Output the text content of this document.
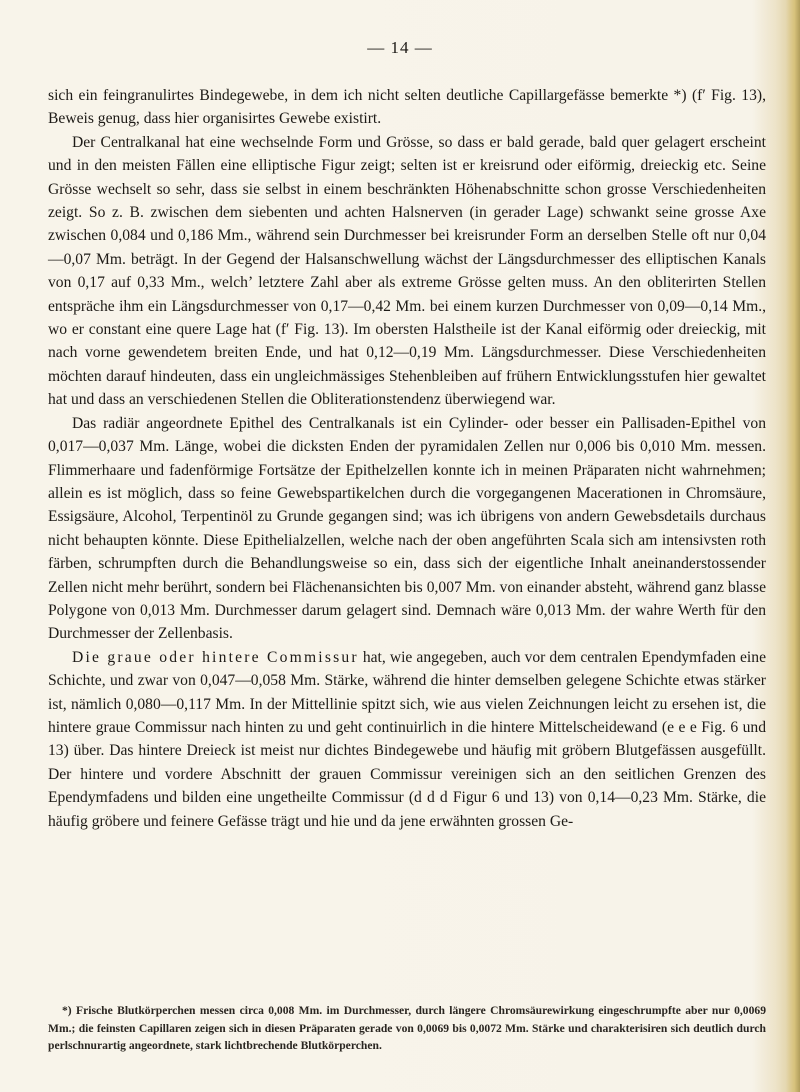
— 14 —

sich ein feingranulirtes Bindegewebe, in dem ich nicht selten deutliche Capillargefässe bemerkte *) (f′ Fig. 13), Beweis genug, dass hier organisirtes Gewebe existirt.

Der Centralkanal hat eine wechselnde Form und Grösse, so dass er bald gerade, bald quer gelagert erscheint und in den meisten Fällen eine elliptische Figur zeigt; selten ist er kreisrund oder eiförmig, dreieckig etc. Seine Grösse wechselt so sehr, dass sie selbst in einem beschränkten Höhenabschnitte schon grosse Verschiedenheiten zeigt. So z. B. zwischen dem siebenten und achten Halsnerven (in gerader Lage) schwankt seine grosse Axe zwischen 0,084 und 0,186 Mm., während sein Durchmesser bei kreisrunder Form an derselben Stelle oft nur 0,04—0,07 Mm. beträgt. In der Gegend der Halsanschwellung wächst der Längsdurchmesser des elliptischen Kanals von 0,17 auf 0,33 Mm., welch’ letztere Zahl aber als extreme Grösse gelten muss. An den obliterirten Stellen entspräche ihm ein Längsdurchmesser von 0,17—0,42 Mm. bei einem kurzen Durchmesser von 0,09—0,14 Mm., wo er constant eine quere Lage hat (f′ Fig. 13). Im obersten Halstheile ist der Kanal eiförmig oder dreieckig, mit nach vorne gewendetem breiten Ende, und hat 0,12—0,19 Mm. Längsdurchmesser. Diese Verschiedenheiten möchten darauf hindeuten, dass ein ungleichmässiges Stehenbleiben auf frühern Entwicklungsstufen hier gewaltet hat und dass an verschiedenen Stellen die Obliterationstendenz überwiegend war.

Das radiär angeordnete Epithel des Centralkanals ist ein Cylinder- oder besser ein Pallisaden-Epithel von 0,017—0,037 Mm. Länge, wobei die dicksten Enden der pyramidalen Zellen nur 0,006 bis 0,010 Mm. messen. Flimmerhaare und fadenförmige Fortsätze der Epithelzellen konnte ich in meinen Präparaten nicht wahrnehmen; allein es ist möglich, dass so feine Gewebspartikelchen durch die vorgegangenen Macerationen in Chromsäure, Essigsäure, Alcohol, Terpentinöl zu Grunde gegangen sind; was ich übrigens von andern Gewebsdetails durchaus nicht behaupten könnte. Diese Epithelialzellen, welche nach der oben angeführten Scala sich am intensivsten roth färben, schrumpften durch die Behandlungsweise so ein, dass sich der eigentliche Inhalt aneinanderstossender Zellen nicht mehr berührt, sondern bei Flächenansichten bis 0,007 Mm. von einander absteht, während ganz blasse Polygone von 0,013 Mm. Durchmesser darum gelagert sind. Demnach wäre 0,013 Mm. der wahre Werth für den Durchmesser der Zellenbasis.

Die graue oder hintere Commissur hat, wie angegeben, auch vor dem centralen Ependymfaden eine Schichte, und zwar von 0,047—0,058 Mm. Stärke, während die hinter demselben gelegene Schichte etwas stärker ist, nämlich 0,080—0,117 Mm. In der Mittellinie spitzt sich, wie aus vielen Zeichnungen leicht zu ersehen ist, die hintere graue Commissur nach hinten zu und geht continuirlich in die hintere Mittelscheidewand (e e e Fig. 6 und 13) über. Das hintere Dreieck ist meist nur dichtes Bindegewebe und häufig mit gröbern Blutgefässen ausgefüllt. Der hintere und vordere Abschnitt der grauen Commissur vereinigen sich an den seitlichen Grenzen des Ependymfadens und bilden eine ungetheilte Commissur (d d d Figur 6 und 13) von 0,14—0,23 Mm. Stärke, die häufig gröbere und feinere Gefässe trägt und hie und da jene erwähnten grossen Ge-

*) Frische Blutkörperchen messen circa 0,008 Mm. im Durchmesser, durch längere Chromsäurewirkung eingeschrumpfte aber nur 0,0069 Mm.; die feinsten Capillaren zeigen sich in diesen Präparaten gerade von 0,0069 bis 0,0072 Mm. Stärke und charakterisiren sich deutlich durch perlschnurartig angeordnete, stark lichtbrechende Blutkörperchen.
